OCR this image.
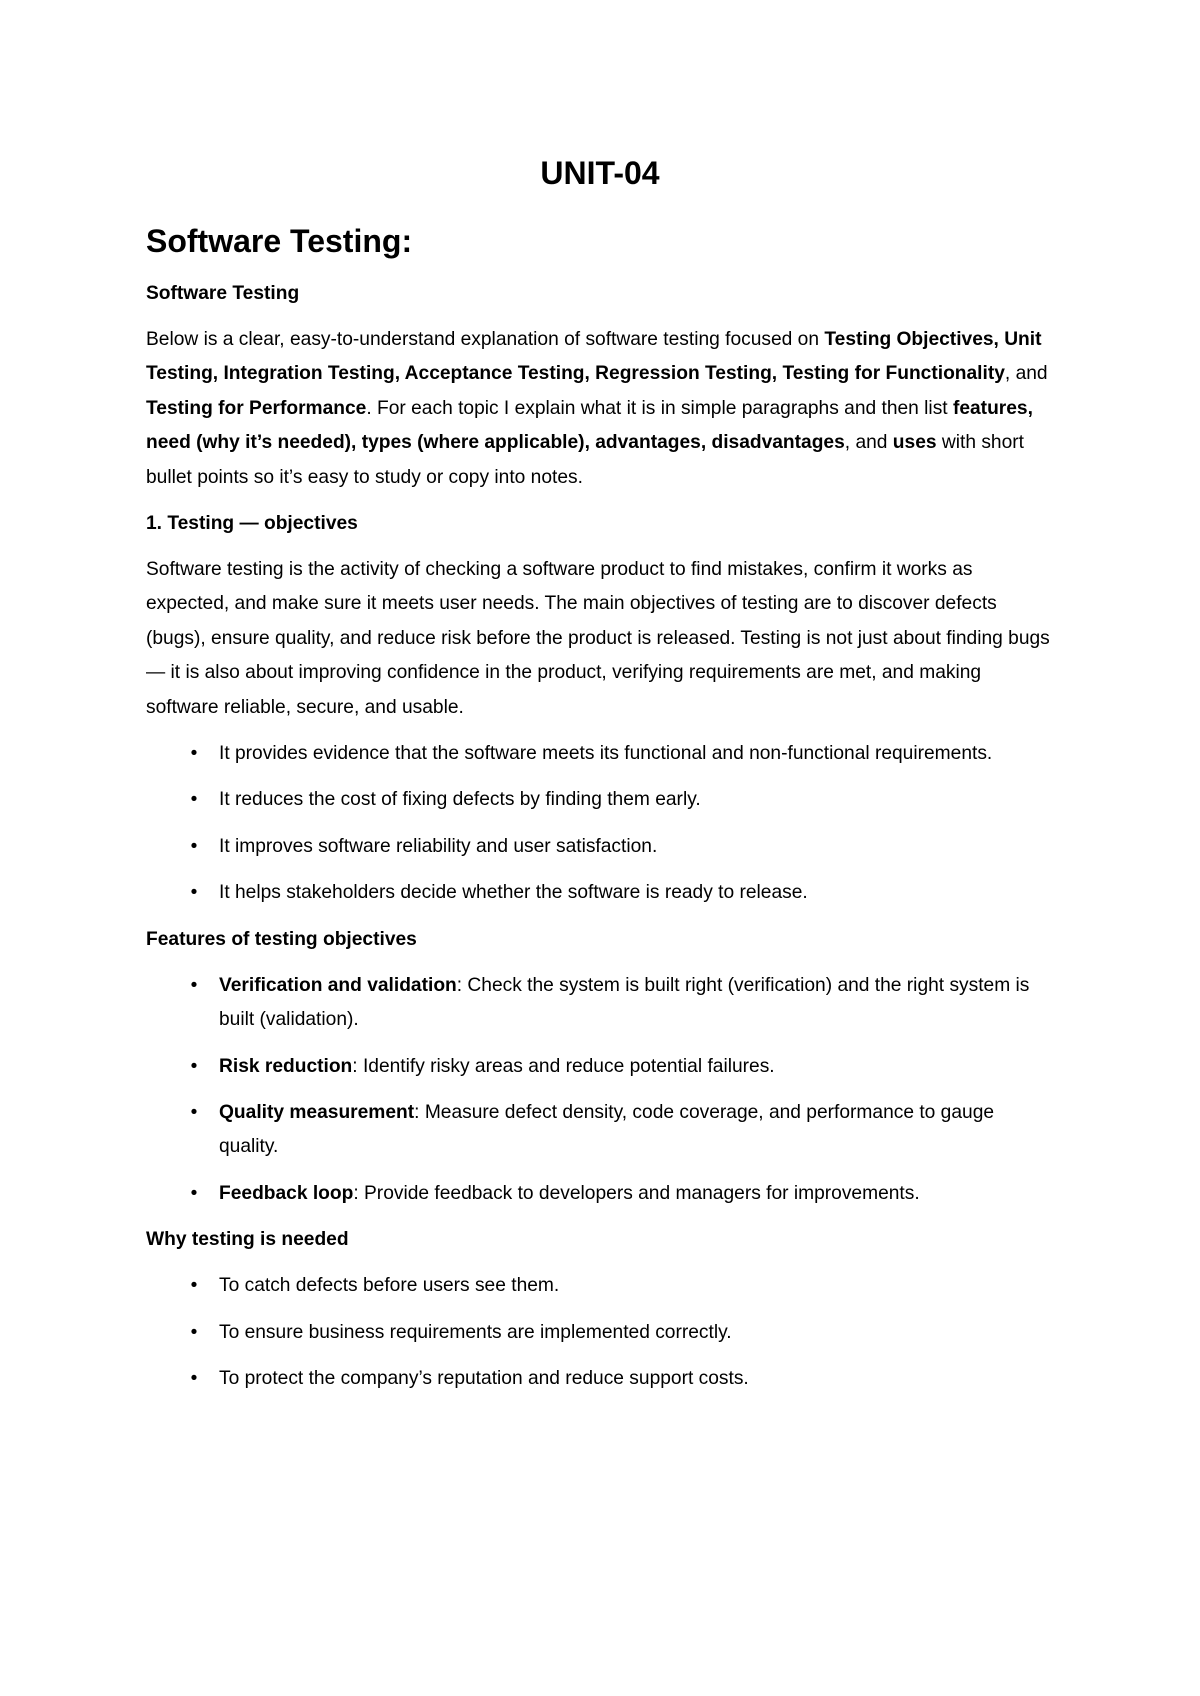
UNIT-04
Software Testing:

Software Testing

Below is a clear, easy-to-understand explanation of software testing focused on Testing Objectives, Unit Testing, Integration Testing, Acceptance Testing, Regression Testing, Testing for Functionality, and Testing for Performance. For each topic I explain what it is in simple paragraphs and then list features, need (why it’s needed), types (where applicable), advantages, disadvantages, and uses with short bullet points so it’s easy to study or copy into notes.

1. Testing — objectives

Software testing is the activity of checking a software product to find mistakes, confirm it works as expected, and make sure it meets user needs. The main objectives of testing are to discover defects (bugs), ensure quality, and reduce risk before the product is released. Testing is not just about finding bugs — it is also about improving confidence in the product, verifying requirements are met, and making software reliable, secure, and usable.

•	It provides evidence that the software meets its functional and non-functional requirements.
•	It reduces the cost of fixing defects by finding them early.
•	It improves software reliability and user satisfaction.
•	It helps stakeholders decide whether the software is ready to release.

Features of testing objectives

•	Verification and validation: Check the system is built right (verification) and the right system is built (validation).
•	Risk reduction: Identify risky areas and reduce potential failures.
•	Quality measurement: Measure defect density, code coverage, and performance to gauge quality.
•	Feedback loop: Provide feedback to developers and managers for improvements.

Why testing is needed

•	To catch defects before users see them.
•	To ensure business requirements are implemented correctly.
•	To protect the company’s reputation and reduce support costs.
